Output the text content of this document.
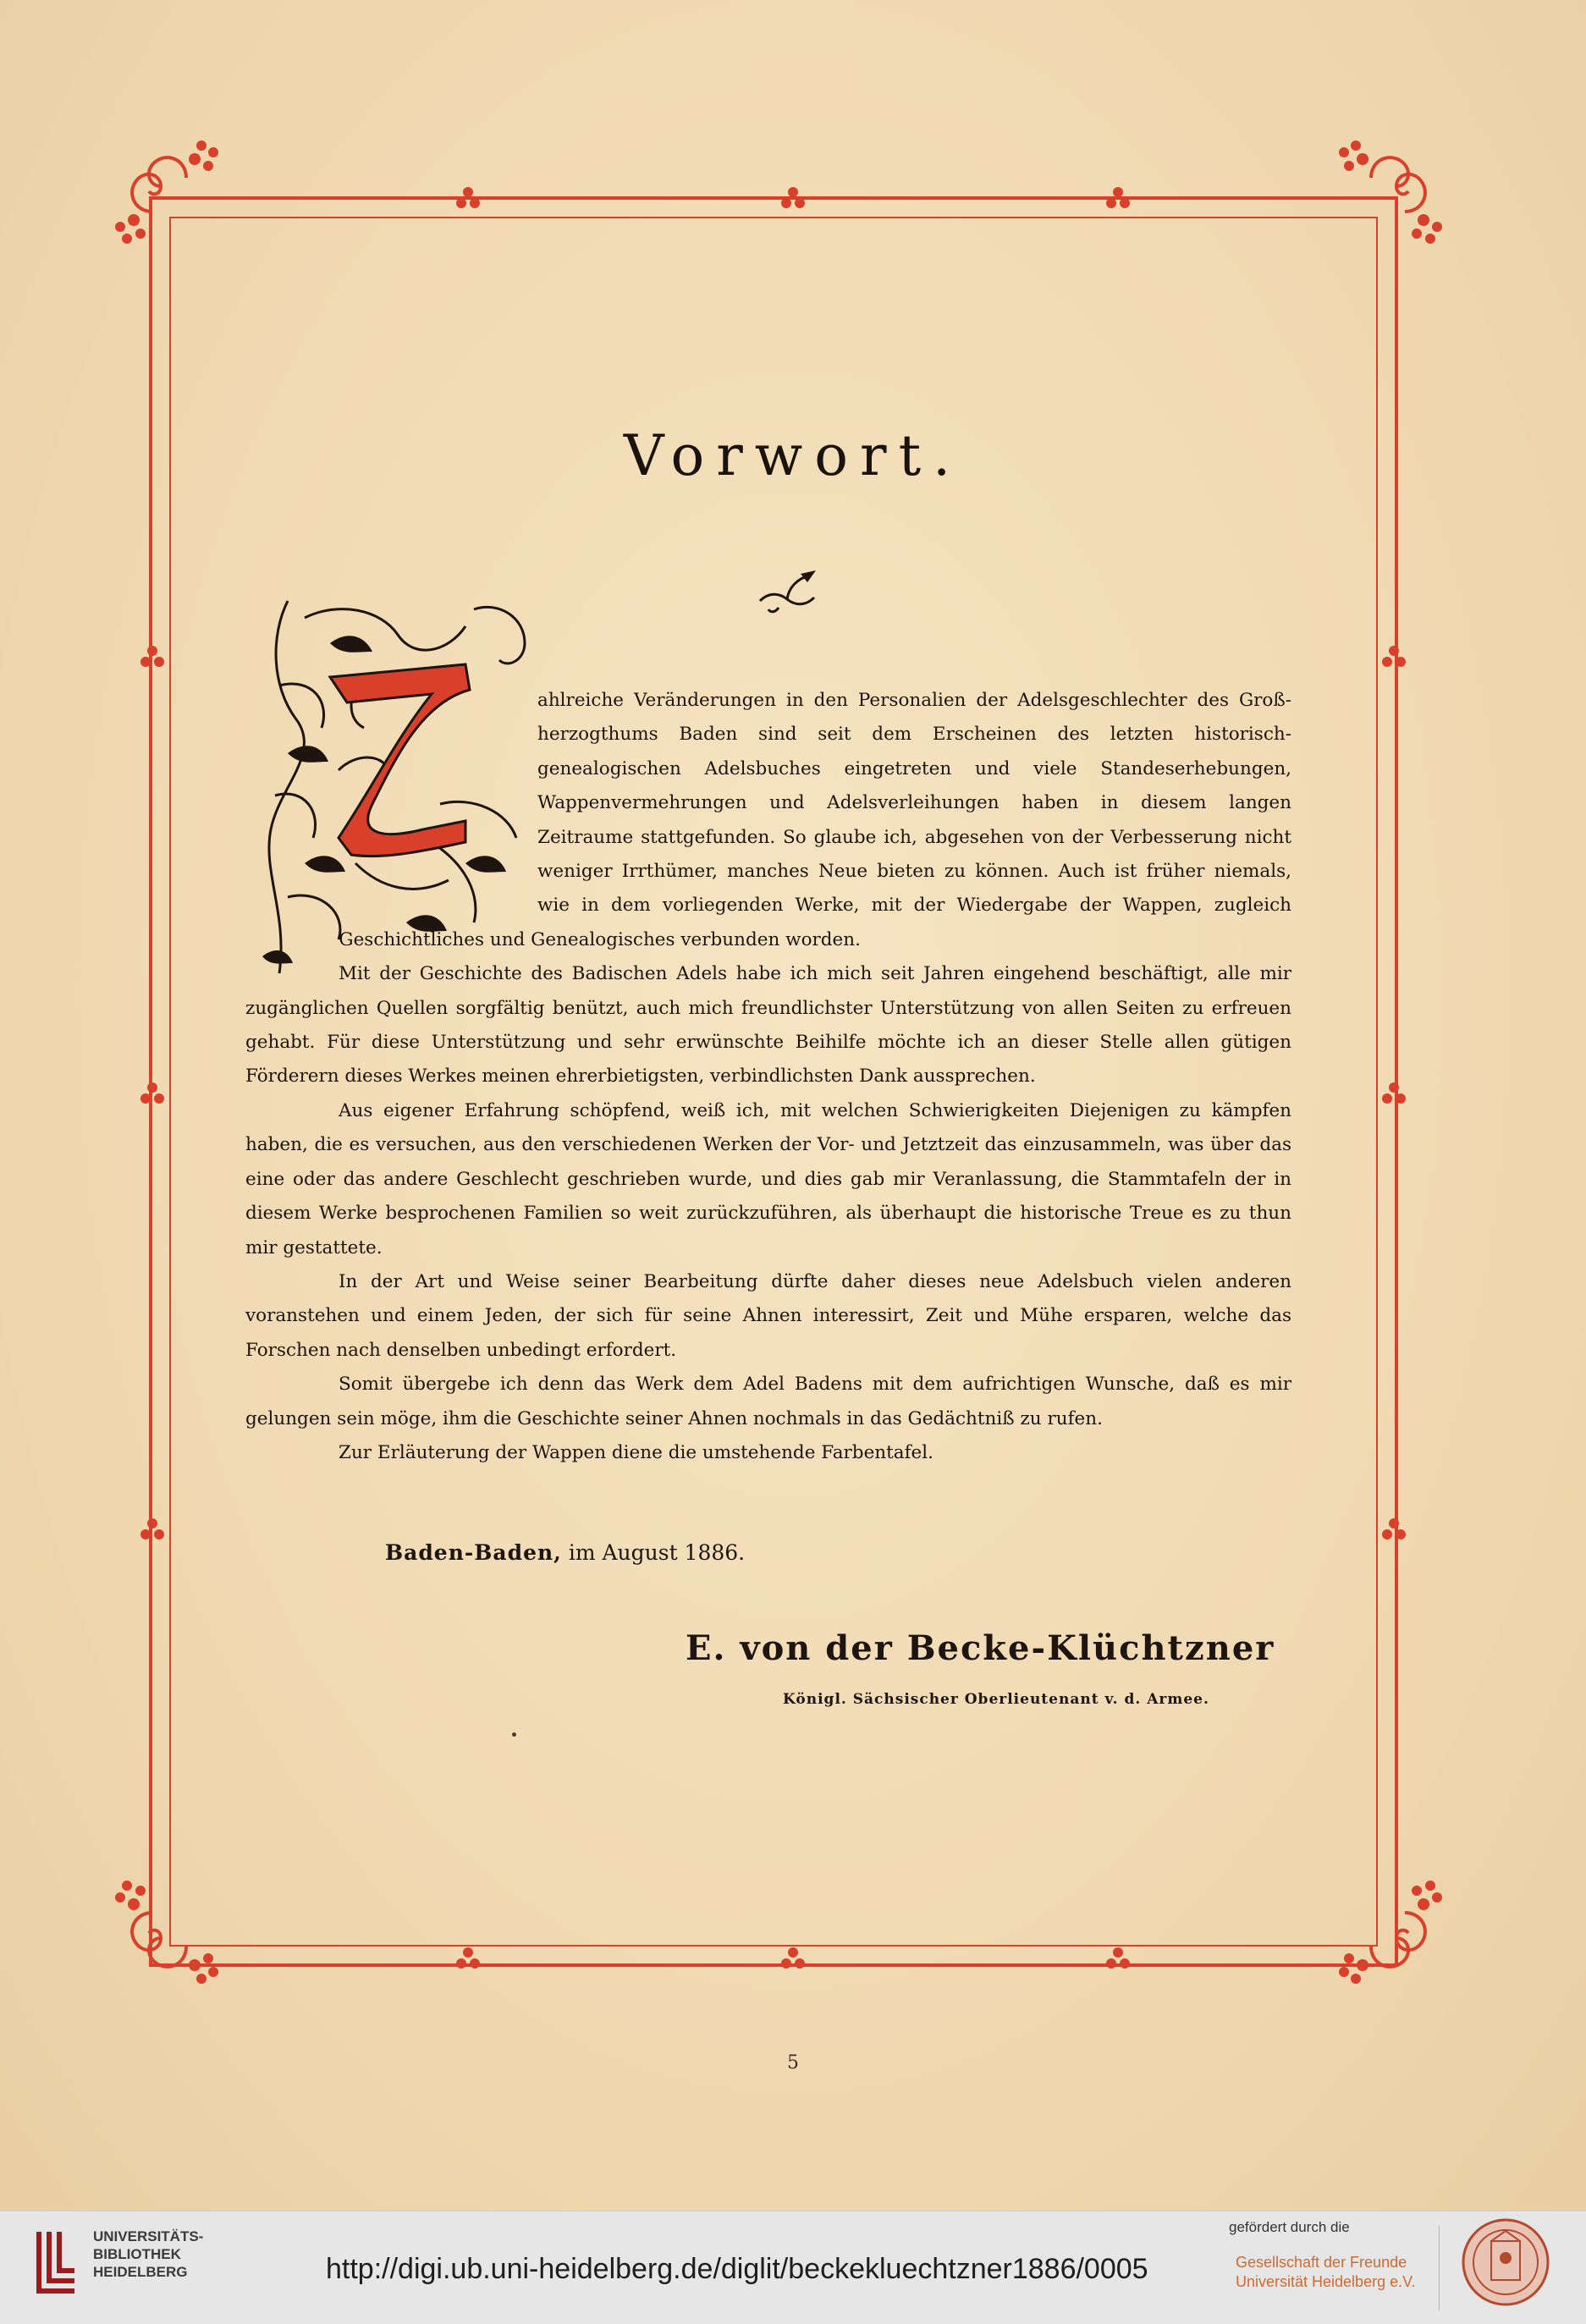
Vorwort.

ahlreiche Veränderungen in den Personalien der Adelsgeschlechter des Groß- herzogthums Baden sind seit dem Erscheinen des letzten historisch-genealogischen Adelsbuches eingetreten und viele Standeserhebungen, Wappenvermehrungen und Adelsverleihungen haben in diesem langen Zeitraume stattgefunden. So glaube ich, abgesehen von der Verbesserung nicht weniger Irrthümer, manches Neue bieten zu können. Auch ist früher niemals, wie in dem vorliegenden Werke, mit der Wiedergabe der Wappen, zugleich Geschichtliches und Genealogisches verbunden worden.

Mit der Geschichte des Badischen Adels habe ich mich seit Jahren eingehend beschäftigt, alle mir zugänglichen Quellen sorgfältig benützt, auch mich freundlichster Unterstützung von allen Seiten zu erfreuen gehabt. Für diese Unterstützung und sehr erwünschte Beihilfe möchte ich an dieser Stelle allen gütigen Förderern dieses Werkes meinen ehrerbietigsten, verbindlichsten Dank aussprechen.

Aus eigener Erfahrung schöpfend, weiß ich, mit welchen Schwierigkeiten Diejenigen zu kämpfen haben, die es versuchen, aus den verschiedenen Werken der Vor- und Jetztzeit das einzusammeln, was über das eine oder das andere Geschlecht geschrieben wurde, und dies gab mir Veranlassung, die Stammtafeln der in diesem Werke besprochenen Familien so weit zurückzuführen, als überhaupt die historische Treue es zu thun mir gestattete.

In der Art und Weise seiner Bearbeitung dürfte daher dieses neue Adelsbuch vielen anderen voranstehen und einem Jeden, der sich für seine Ahnen interessirt, Zeit und Mühe ersparen, welche das Forschen nach denselben unbedingt erfordert.

Somit übergebe ich denn das Werk dem Adel Badens mit dem aufrichtigen Wunsche, daß es mir gelungen sein möge, ihm die Geschichte seiner Ahnen nochmals in das Gedächtniß zu rufen.

Zur Erläuterung der Wappen diene die umstehende Farbentafel.

Baden-Baden, im August 1886.
E. von der Becke-Klüchtzner
Königl. Sächsischer Oberlieutenant v. d. Armee.
5
UNIVERSITÄTS-
BIBLIOTHEK
HEIDELBERG	http://digi.ub.uni-heidelberg.de/diglit/beckekluechtzner1886/0005
gefördert durch die
Gesellschaft der Freunde
Universität Heidelberg e.V.
